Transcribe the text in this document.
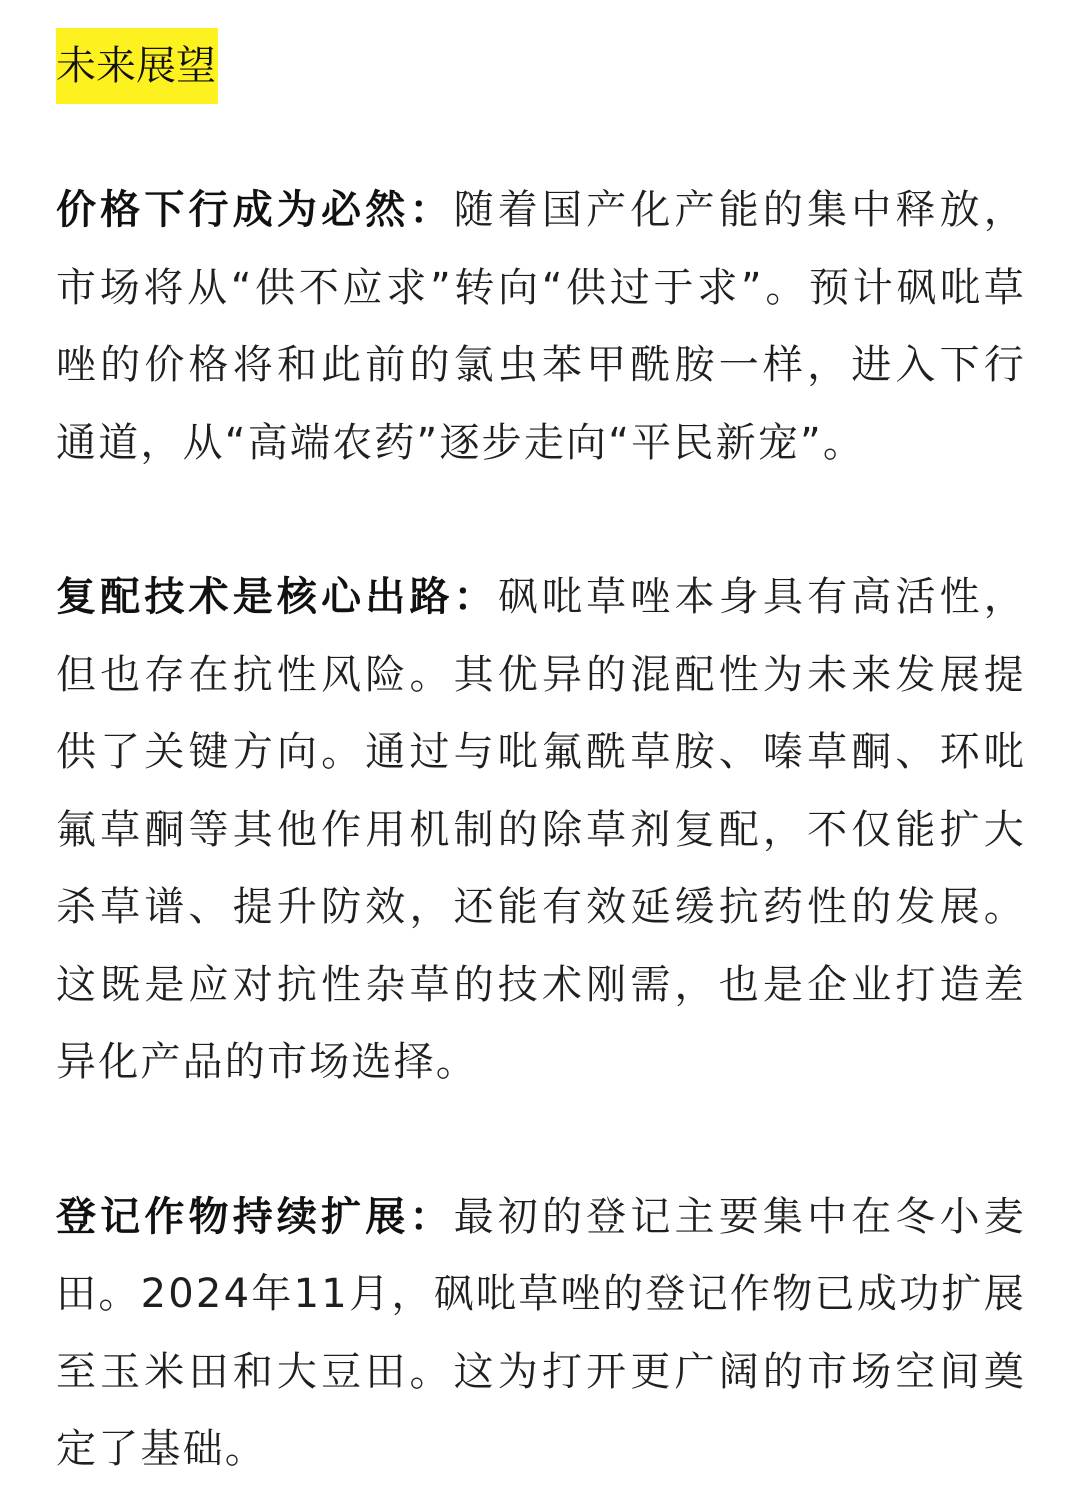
未来展望

价格下行成为必然：随着国产化产能的集中释放，市场将从“供不应求”转向“供过于求”。预计砜吡草唑的价格将和此前的氯虫苯甲酰胺一样，进入下行通道，从“高端农药”逐步走向“平民新宠”。

复配技术是核心出路：砜吡草唑本身具有高活性，但也存在抗性风险。其优异的混配性为未来发展提供了关键方向。通过与吡氟酰草胺、嗪草酮、环吡氟草酮等其他作用机制的除草剂复配，不仅能扩大杀草谱、提升防效，还能有效延缓抗药性的发展。这既是应对抗性杂草的技术刚需，也是企业打造差异化产品的市场选择。

登记作物持续扩展：最初的登记主要集中在冬小麦田。2024年11月，砜吡草唑的登记作物已成功扩展至玉米田和大豆田。这为打开更广阔的市场空间奠定了基础。
